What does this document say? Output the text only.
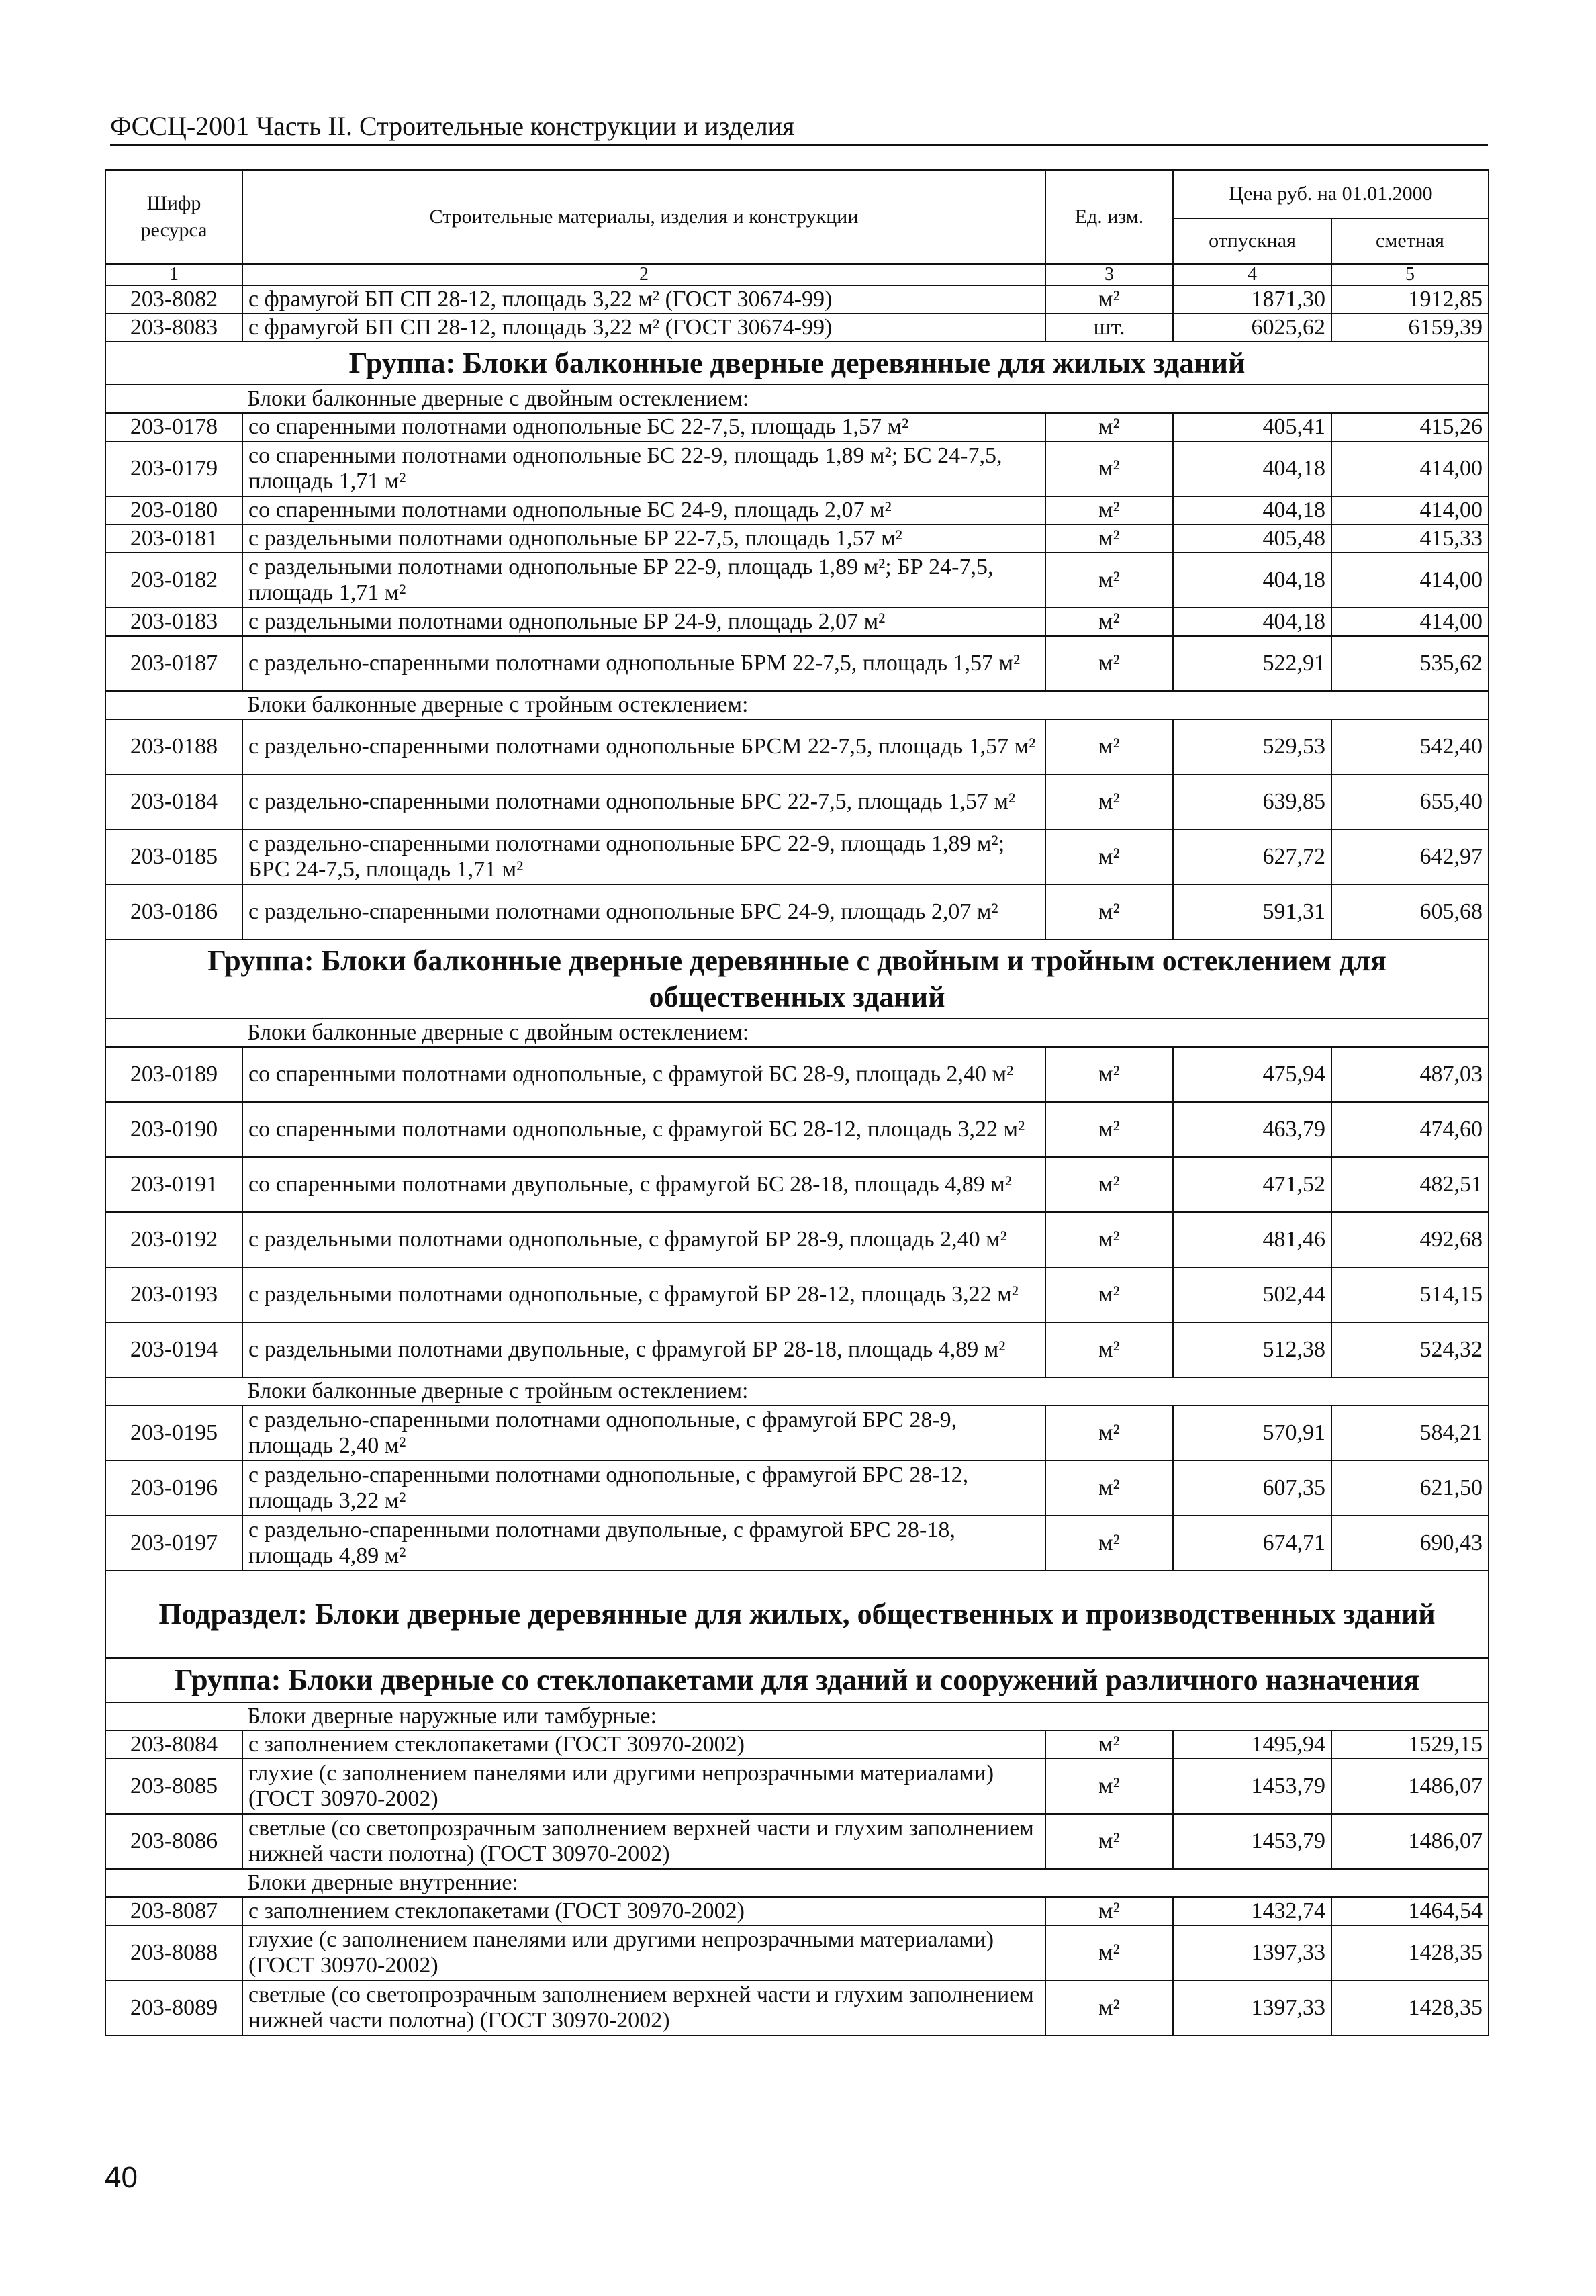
ФССЦ-2001 Часть II. Строительные конструкции и изделия
Шифр ресурса	Строительные материалы, изделия и конструкции	Ед. изм.	Цена руб. на 01.01.2000	
			отпускная	сметная
1	2	3	4	5
203-8082	с фрамугой БП СП 28-12, площадь 3,22 м² (ГОСТ 30674-99)	м²	1871,30	1912,85
203-8083	с фрамугой БП СП 28-12, площадь 3,22 м² (ГОСТ 30674-99)	шт.	6025,62	6159,39
Группа: Блоки балконные дверные деревянные для жилых зданий				
Блоки балконные дверные с двойным остеклением:				
203-0178	со спаренными полотнами однопольные БС 22-7,5, площадь 1,57 м²	м²	405,41	415,26
203-0179	со спаренными полотнами однопольные БС 22-9, площадь 1,89 м²; БС 24-7,5, площадь 1,71 м²	м²	404,18	414,00
203-0180	со спаренными полотнами однопольные БС 24-9, площадь 2,07 м²	м²	404,18	414,00
203-0181	с раздельными полотнами однопольные БР 22-7,5, площадь 1,57 м²	м²	405,48	415,33
203-0182	с раздельными полотнами однопольные БР 22-9, площадь 1,89 м²; БР 24-7,5, площадь 1,71 м²	м²	404,18	414,00
203-0183	с раздельными полотнами однопольные БР 24-9, площадь 2,07 м²	м²	404,18	414,00
203-0187	с раздельно-спаренными полотнами однопольные БРМ 22-7,5, площадь 1,57 м²	м²	522,91	535,62
Блоки балконные дверные с тройным остеклением:				
203-0188	с раздельно-спаренными полотнами однопольные БРСМ 22-7,5, площадь 1,57 м²	м²	529,53	542,40
203-0184	с раздельно-спаренными полотнами однопольные БРС 22-7,5, площадь 1,57 м²	м²	639,85	655,40
203-0185	с раздельно-спаренными полотнами однопольные БРС 22-9, площадь 1,89 м²; БРС 24-7,5, площадь 1,71 м²	м²	627,72	642,97
203-0186	с раздельно-спаренными полотнами однопольные БРС 24-9, площадь 2,07 м²	м²	591,31	605,68
Группа: Блоки балконные дверные деревянные с двойным и тройным остеклением для общественных зданий				
Блоки балконные дверные с двойным остеклением:				
203-0189	со спаренными полотнами однопольные, с фрамугой БС 28-9, площадь 2,40 м²	м²	475,94	487,03
203-0190	со спаренными полотнами однопольные, с фрамугой БС 28-12, площадь 3,22 м²	м²	463,79	474,60
203-0191	со спаренными полотнами двупольные, с фрамугой БС 28-18, площадь 4,89 м²	м²	471,52	482,51
203-0192	с раздельными полотнами однопольные, с фрамугой БР 28-9, площадь 2,40 м²	м²	481,46	492,68
203-0193	с раздельными полотнами однопольные, с фрамугой БР 28-12, площадь 3,22 м²	м²	502,44	514,15
203-0194	с раздельными полотнами двупольные, с фрамугой БР 28-18, площадь 4,89 м²	м²	512,38	524,32
Блоки балконные дверные с тройным остеклением:				
203-0195	с раздельно-спаренными полотнами однопольные, с фрамугой БРС 28-9, площадь 2,40 м²	м²	570,91	584,21
203-0196	с раздельно-спаренными полотнами однопольные, с фрамугой БРС 28-12, площадь 3,22 м²	м²	607,35	621,50
203-0197	с раздельно-спаренными полотнами двупольные, с фрамугой БРС 28-18, площадь 4,89 м²	м²	674,71	690,43
Подраздел: Блоки дверные деревянные для жилых, общественных и производственных зданий				
Группа: Блоки дверные со стеклопакетами для зданий и сооружений различного назначения				
Блоки дверные наружные или тамбурные:				
203-8084	с заполнением стеклопакетами (ГОСТ 30970-2002)	м²	1495,94	1529,15
203-8085	глухие (с заполнением панелями или другими непрозрачными материалами) (ГОСТ 30970-2002)	м²	1453,79	1486,07
203-8086	светлые (со светопрозрачным заполнением верхней части и глухим заполнением нижней части полотна) (ГОСТ 30970-2002)	м²	1453,79	1486,07
Блоки дверные внутренние:				
203-8087	с заполнением стеклопакетами (ГОСТ 30970-2002)	м²	1432,74	1464,54
203-8088	глухие (с заполнением панелями или другими непрозрачными материалами) (ГОСТ 30970-2002)	м²	1397,33	1428,35
203-8089	светлые (со светопрозрачным заполнением верхней части и глухим заполнением нижней части полотна) (ГОСТ 30970-2002)	м²	1397,33	1428,35
40
